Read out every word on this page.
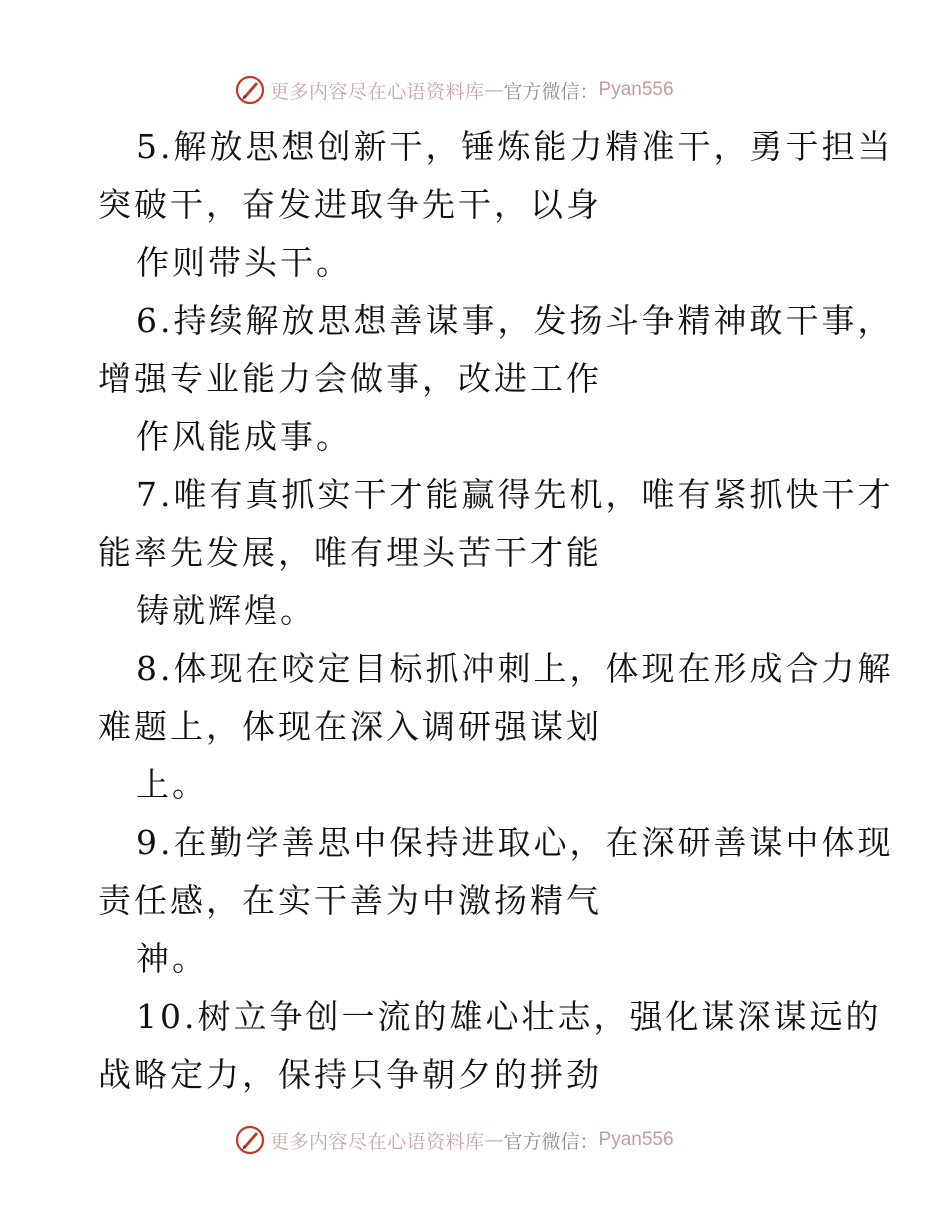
更多内容尽在心语资料库 — 官方微信： Pyan556
5.解放思想创新干，锤炼能力精准干，勇于担当
突破干，奋发进取争先干，以身
作则带头干。
6.持续解放思想善谋事，发扬斗争精神敢干事，
增强专业能力会做事，改进工作
作风能成事。
7.唯有真抓实干才能赢得先机，唯有紧抓快干才
能率先发展，唯有埋头苦干才能
铸就辉煌。
8.体现在咬定目标抓冲刺上，体现在形成合力解
难题上，体现在深入调研强谋划
上。
9.在勤学善思中保持进取心，在深研善谋中体现
责任感，在实干善为中激扬精气
神。
10.树立争创一流的雄心壮志，强化谋深谋远的
战略定力，保持只争朝夕的拼劲
更多内容尽在心语资料库 — 官方微信： Pyan556
